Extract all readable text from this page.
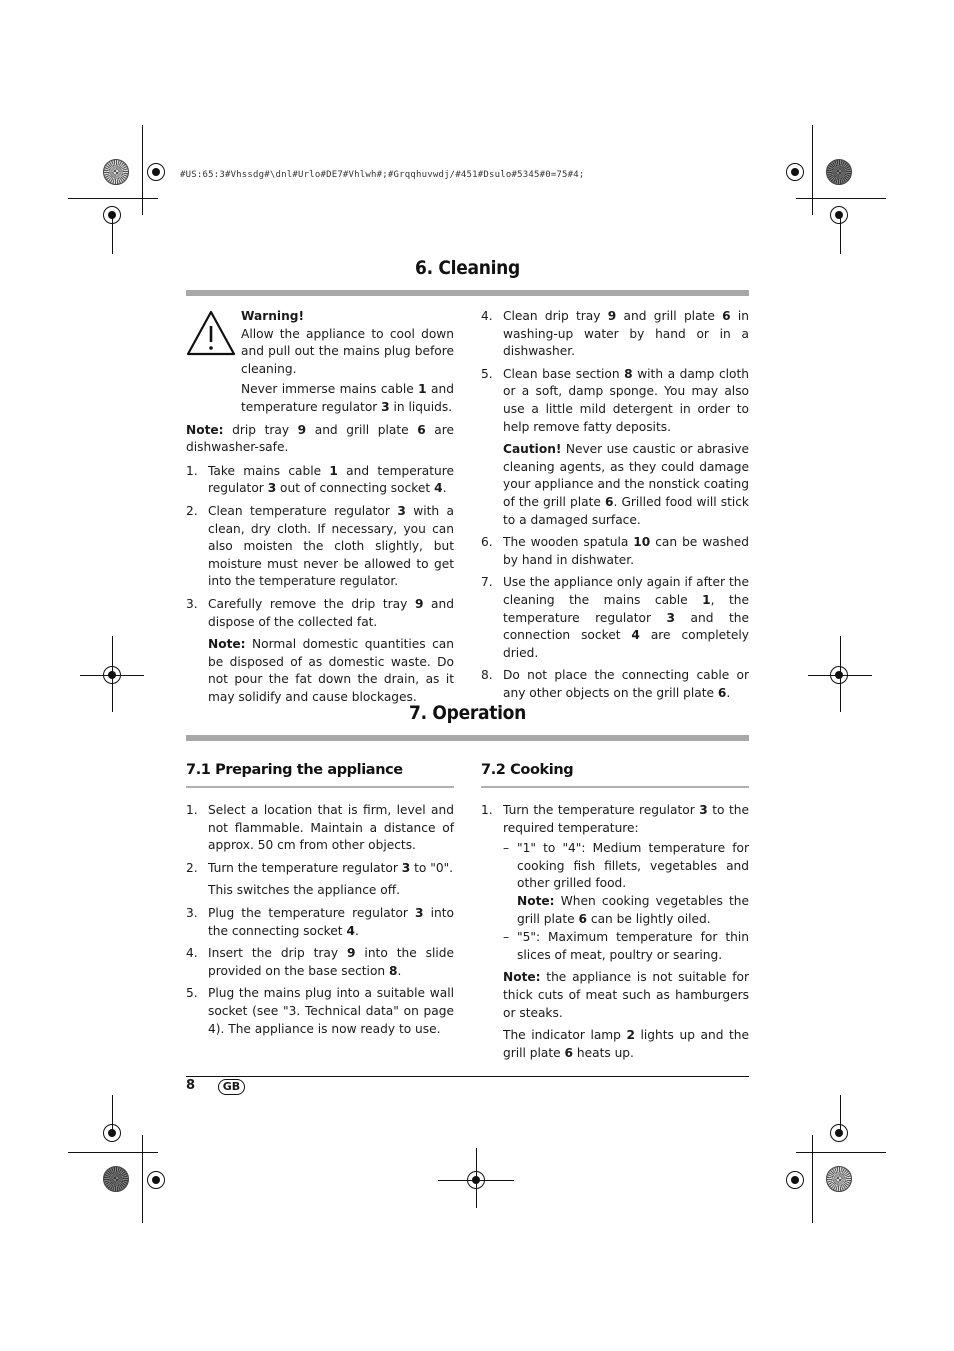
#US:65:3#Vhssdg#\dnl#Urlo#DE7#Vhlwh#;#Grqqhuvwdj/#451#Dsulo#5345#0=75#4;
6. Cleaning

Warning!

Allow the appliance to cool down and pull out the mains plug before cleaning.

Never immerse mains cable 1 and temperature regulator 3 in liquids.

Note: drip tray 9 and grill plate 6 are dishwasher-safe.

1. Take mains cable 1 and temperature regulator 3 out of connecting socket 4.
2. Clean temperature regulator 3 with a clean, dry cloth. If necessary, you can also moisten the cloth slightly, but moisture must never be allowed to get into the temperature regulator.
3. Carefully remove the drip tray 9 and dispose of the collected fat.
Note: Normal domestic quantities can be disposed of as domestic waste. Do not pour the fat down the drain, as it may solidify and cause blockages.
4. Clean drip tray 9 and grill plate 6 in washing-up water by hand or in a dishwasher.
5. Clean base section 8 with a damp cloth or a soft, damp sponge. You may also use a little mild detergent in order to help remove fatty deposits.
Caution! Never use caustic or abrasive cleaning agents, as they could damage your appliance and the nonstick coating of the grill plate 6. Grilled food will stick to a damaged surface.
6. The wooden spatula 10 can be washed by hand in dishwater.
7. Use the appliance only again if after the cleaning the mains cable 1, the temperature regulator 3 and the connection socket 4 are completely dried.
8. Do not place the connecting cable or any other objects on the grill plate 6.
7. Operation
7.1 Preparing the appliance	7.2 Cooking
1. Select a location that is firm, level and not flammable. Maintain a distance of approx. 50 cm from other objects.
2. Turn the temperature regulator 3 to "0".
This switches the appliance off.
3. Plug the temperature regulator 3 into the connecting socket 4.
4. Insert the drip tray 9 into the slide provided on the base section 8.
5. Plug the mains plug into a suitable wall socket (see "3. Technical data" on page 4). The appliance is now ready to use.
1. Turn the temperature regulator 3 to the required temperature:
– "1" to "4": Medium temperature for cooking fish fillets, vegetables and other grilled food.
Note: When cooking vegetables the grill plate 6 can be lightly oiled.
– "5": Maximum temperature for thin slices of meat, poultry or searing.
Note: the appliance is not suitable for thick cuts of meat such as hamburgers or steaks.
The indicator lamp 2 lights up and the grill plate 6 heats up.
8	GB
